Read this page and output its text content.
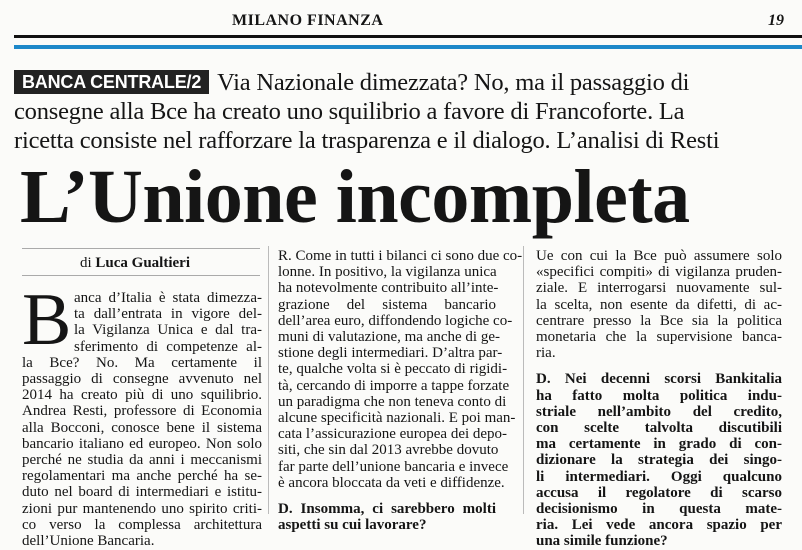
MILANO FINANZA	19
BANCA CENTRALE/2 Via Nazionale dimezzata? No, ma il passaggio di
consegne alla Bce ha creato uno squilibrio a favore di Francoforte. La
ricetta consiste nel rafforzare la trasparenza e il dialogo. L’analisi di Resti
L’Unione incompleta
di Luca Gualtieri
B anca d’Italia è stata dimezza-
ta dall’entrata in vigore del-
la Vigilanza Unica e dal tra-
sferimento di competenze al-
la Bce? No. Ma certamente il
passaggio di consegne avvenuto nel
2014 ha creato più di uno squilibrio.
Andrea Resti, professore di Economia
alla Bocconi, conosce bene il sistema
bancario italiano ed europeo. Non solo
perché ne studia da anni i meccanismi
regolamentari ma anche perché ha se-
duto nel board di intermediari e istitu-
zioni pur mantenendo uno spirito criti-
co verso la complessa architettura
dell’Unione Bancaria.
R. Come in tutti i bilanci ci sono due co-
lonne. In positivo, la vigilanza unica
ha notevolmente contribuito all’inte-
grazione del sistema bancario
dell’area euro, diffondendo logiche co-
muni di valutazione, ma anche di ge-
stione degli intermediari. D’altra par-
te, qualche volta si è peccato di rigidi-
tà, cercando di imporre a tappe forzate
un paradigma che non teneva conto di
alcune specificità nazionali. E poi man-
cata l’assicurazione europea dei depo-
siti, che sin dal 2013 avrebbe dovuto
far parte dell’unione bancaria e invece
è ancora bloccata da veti e diffidenze.
D. Insomma, ci sarebbero molti
aspetti su cui lavorare?
Ue con cui la Bce può assumere solo
«specifici compiti» di vigilanza pruden-
ziale. E interrogarsi nuovamente sul-
la scelta, non esente da difetti, di ac-
centrare presso la Bce sia la politica
monetaria che la supervisione banca-
ria.
D. Nei decenni scorsi Bankitalia
ha fatto molta politica indu-
striale nell’ambito del credito,
con scelte talvolta discutibili
ma certamente in grado di con-
dizionare la strategia dei singo-
li intermediari. Oggi qualcuno
accusa il regolatore di scarso
decisionismo in questa mate-
ria. Lei vede ancora spazio per
una simile funzione?
